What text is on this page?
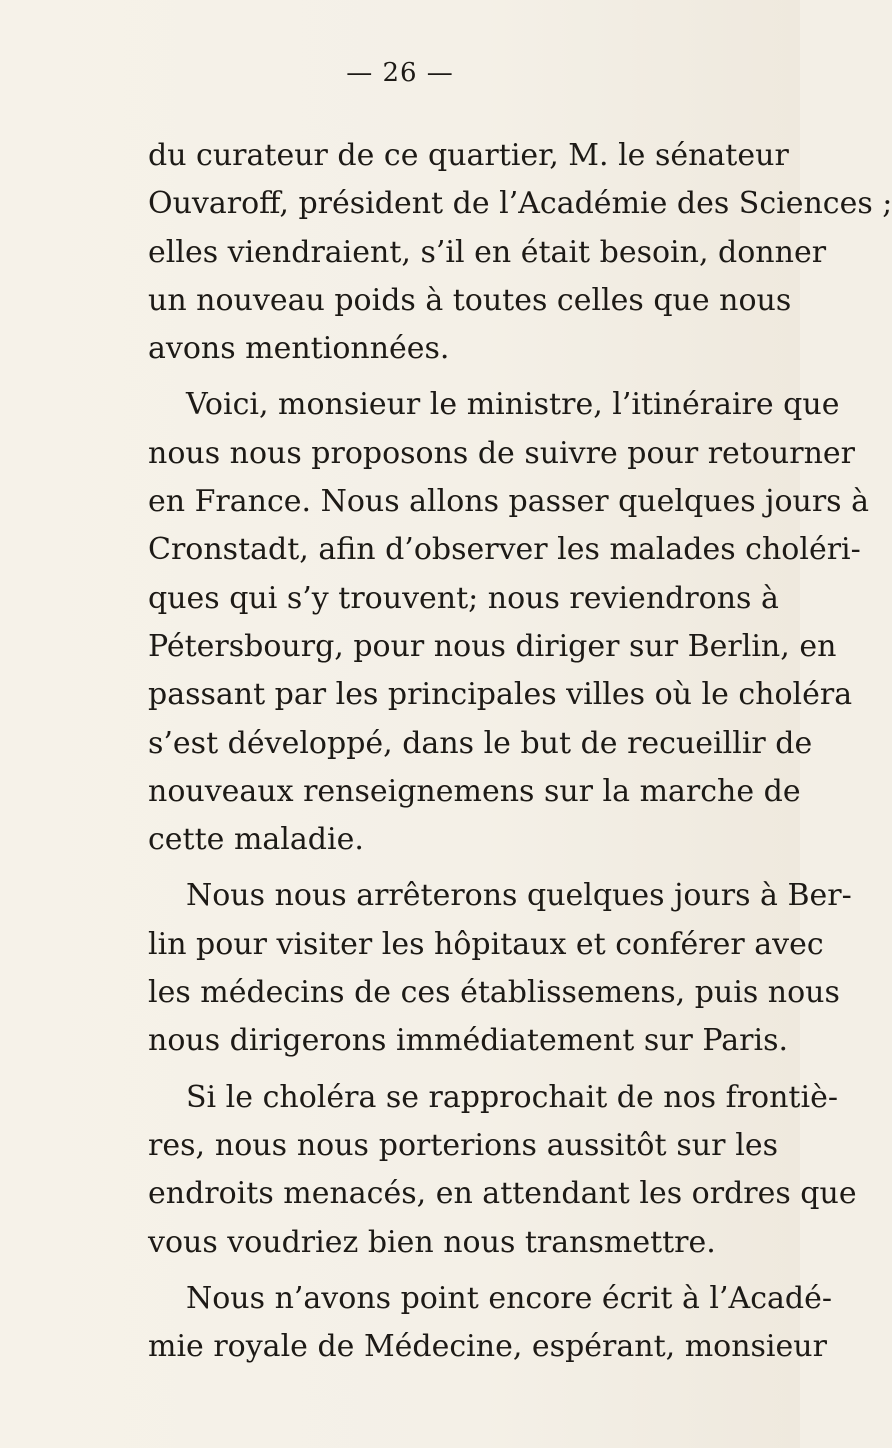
— 26 —
du curateur de ce quartier, M. le sénateur
Ouvaroff, président de l’Académie des Sciences ;
elles viendraient, s’il en était besoin, donner
un nouveau poids à toutes celles que nous
avons mentionnées.
Voici, monsieur le ministre, l’itinéraire que
nous nous proposons de suivre pour retourner
en France. Nous allons passer quelques jours à
Cronstadt, afin d’observer les malades choléri-
ques qui s’y trouvent; nous reviendrons à
Pétersbourg, pour nous diriger sur Berlin, en
passant par les principales villes où le choléra
s’est développé, dans le but de recueillir de
nouveaux renseignemens sur la marche de
cette maladie.
Nous nous arrêterons quelques jours à Ber-
lin pour visiter les hôpitaux et conférer avec
les médecins de ces établissemens, puis nous
nous dirigerons immédiatement sur Paris.
Si le choléra se rapprochait de nos frontiè-
res, nous nous porterions aussitôt sur les
endroits menacés, en attendant les ordres que
vous voudriez bien nous transmettre.
Nous n’avons point encore écrit à l’Acadé-
mie royale de Médecine, espérant, monsieur
